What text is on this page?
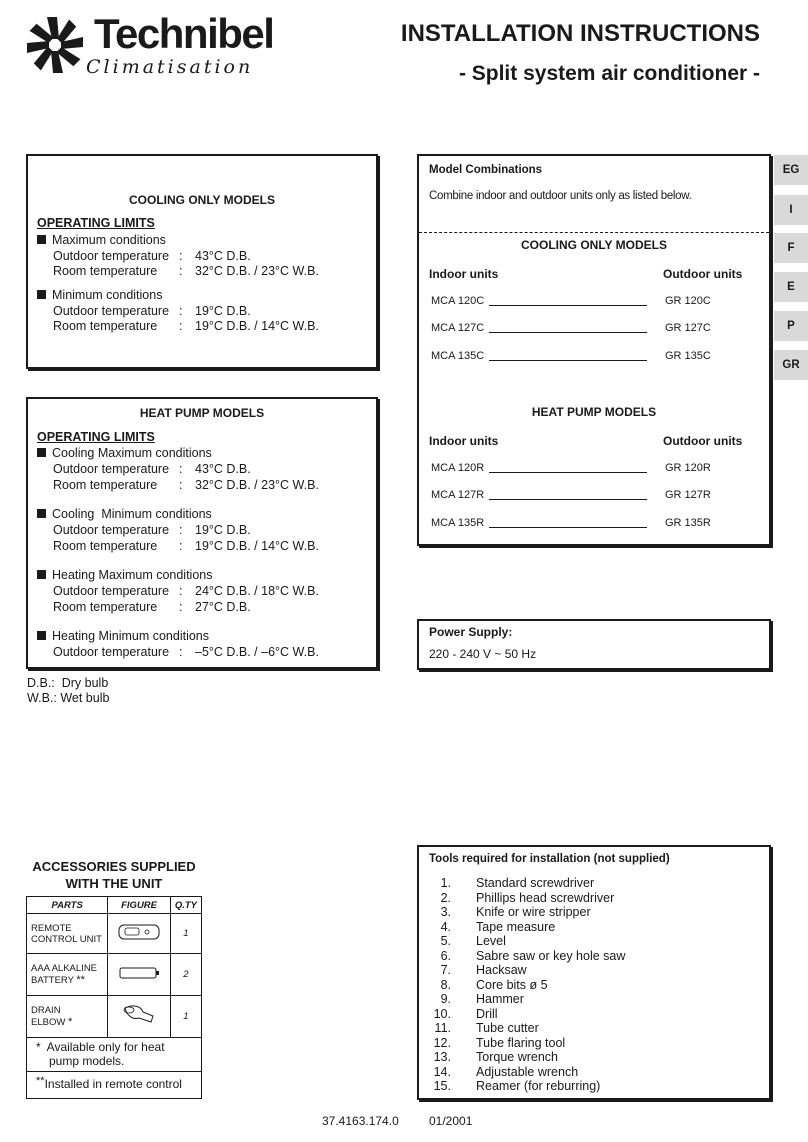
Technibel
Climatisation
INSTALLATION INSTRUCTIONS
- Split system air conditioner -
COOLING ONLY MODELS
OPERATING LIMITS
Maximum conditions
Outdoor temperature : 43°C D.B.
Room temperature : 32°C D.B. / 23°C W.B.
Minimum conditions
Outdoor temperature : 19°C D.B.
Room temperature : 19°C D.B. / 14°C W.B.
HEAT PUMP MODELS
OPERATING LIMITS
Cooling Maximum conditions
Outdoor temperature : 43°C D.B.
Room temperature : 32°C D.B. / 23°C W.B.
Cooling  Minimum conditions
Outdoor temperature : 19°C D.B.
Room temperature : 19°C D.B. / 14°C W.B.
Heating Maximum conditions
Outdoor temperature : 24°C D.B. / 18°C W.B.
Room temperature : 27°C D.B.
Heating Minimum conditions
Outdoor temperature : –5°C D.B. / –6°C W.B.
D.B.:  Dry bulb
W.B.: Wet bulb
Model Combinations
Combine indoor and outdoor units only as listed below.
COOLING ONLY MODELS
Indoor units	Outdoor units
MCA 120C	GR 120C
MCA 127C	GR 127C
MCA 135C	GR 135C
HEAT PUMP MODELS
Indoor units	Outdoor units
MCA 120R	GR 120R
MCA 127R	GR 127R
MCA 135R	GR 135R
EG
I
F
E
P
GR
Power Supply:
220 - 240 V ~ 50 Hz
ACCESSORIES SUPPLIED
WITH THE UNIT
PARTS	FIGURE	Q.TY

REMOTE
CONTROL UNIT		1

AAA ALKALINE
BATTERY **		2

DRAIN
ELBOW *		1
*  Available only for heat
pump models.
**Installed in remote control
Tools required for installation (not supplied)
1. Standard screwdriver
2. Phillips head screwdriver
3. Knife or wire stripper
4. Tape measure
5. Level
6. Sabre saw or key hole saw
7. Hacksaw
8. Core bits ø 5
9. Hammer
10. Drill
11. Tube cutter
12. Tube flaring tool
13. Torque wrench
14. Adjustable wrench
15. Reamer (for reburring)
37.4163.174.0	01/2001
